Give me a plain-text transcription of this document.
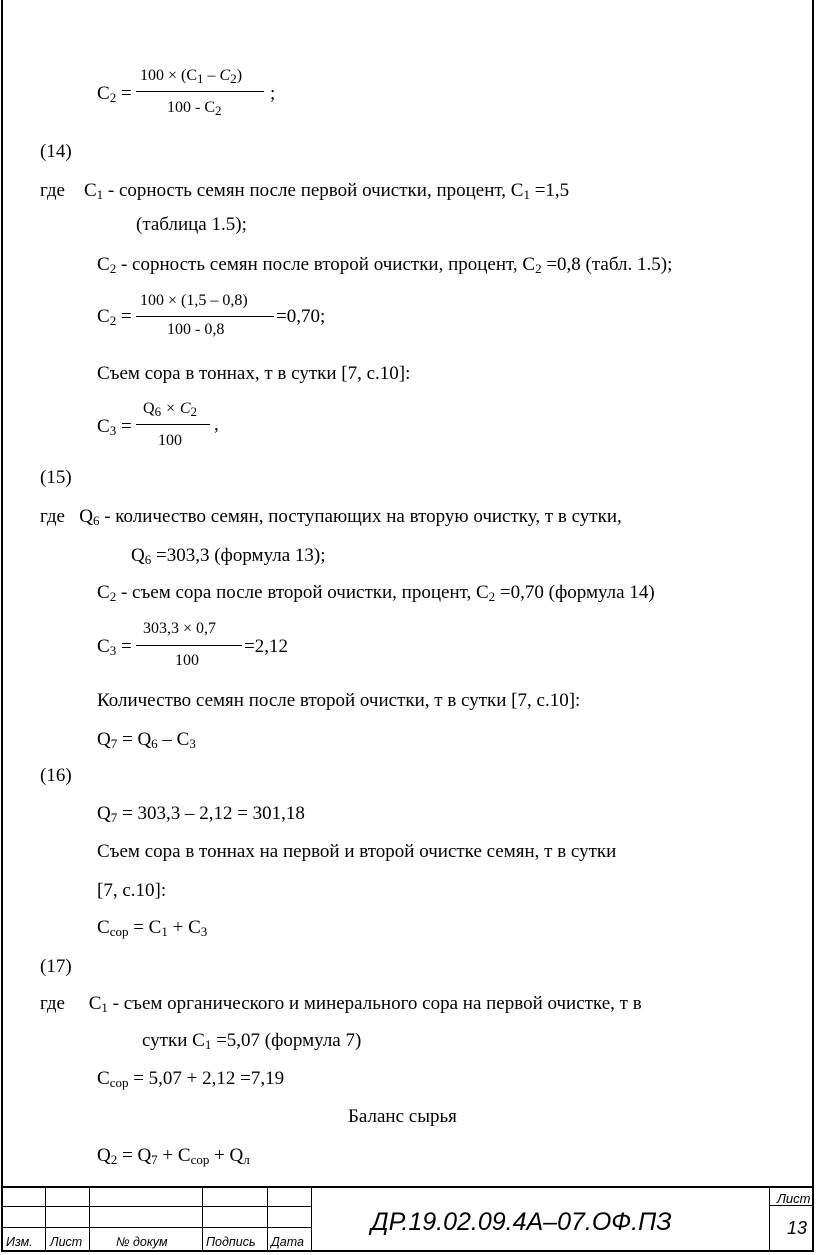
$C_2$ =
$100 \times (C_1 - C_2)$
$100 - C_2$
;
(14)
где $C_1$ - сорность семян после первой очистки, процент, $C_1 =1,5$
(таблица 1.5);
$C_2$ - сорность семян после второй очистки, процент, $C_2 =0,8$ (табл. 1.5);
$C_2$ =
100 × (1,5 – 0,8)
100 - 0,8
=0,70;
Съем сора в тоннах, т в сутки [7, с.10]:
$C_3$ =
$Q_6 \times C_2$
100
,
(15)
где $Q_6$ - количество семян, поступающих на вторую очистку, т в сутки,
$Q_6 =303,3$ (формула 13);
$C_2$ - съем сора после второй очистки, процент, $C_2 =0,70$ (формула 14)
$C_3$ =
303,3 × 0,7
100
=2,12
Количество семян после второй очистки, т в сутки [7, с.10]:
$Q_7 = Q_6 - C_3$
(16)
$Q_7 = 303,3 - 2,12 = 301,18$
Съем сора в тоннах на первой и второй очистке семян, т в сутки
[7, с.10]:
$C_{сор} = C_1 + C_3$
(17)
где $C_1$ - съем органического и минерального сора на первой очистке, т в
сутки $C_1 =5,07$ (формула 7)
$C_{сор} = 5,07 + 2,12 =7,19$
Баланс сырья
$Q_2 = Q_7 + C_{сор} + Q_л$
Изм. Лист	№ докум	Подпись Дата
ДР.19.02.09.4А–07.ОФ.ПЗ
Лист
13
